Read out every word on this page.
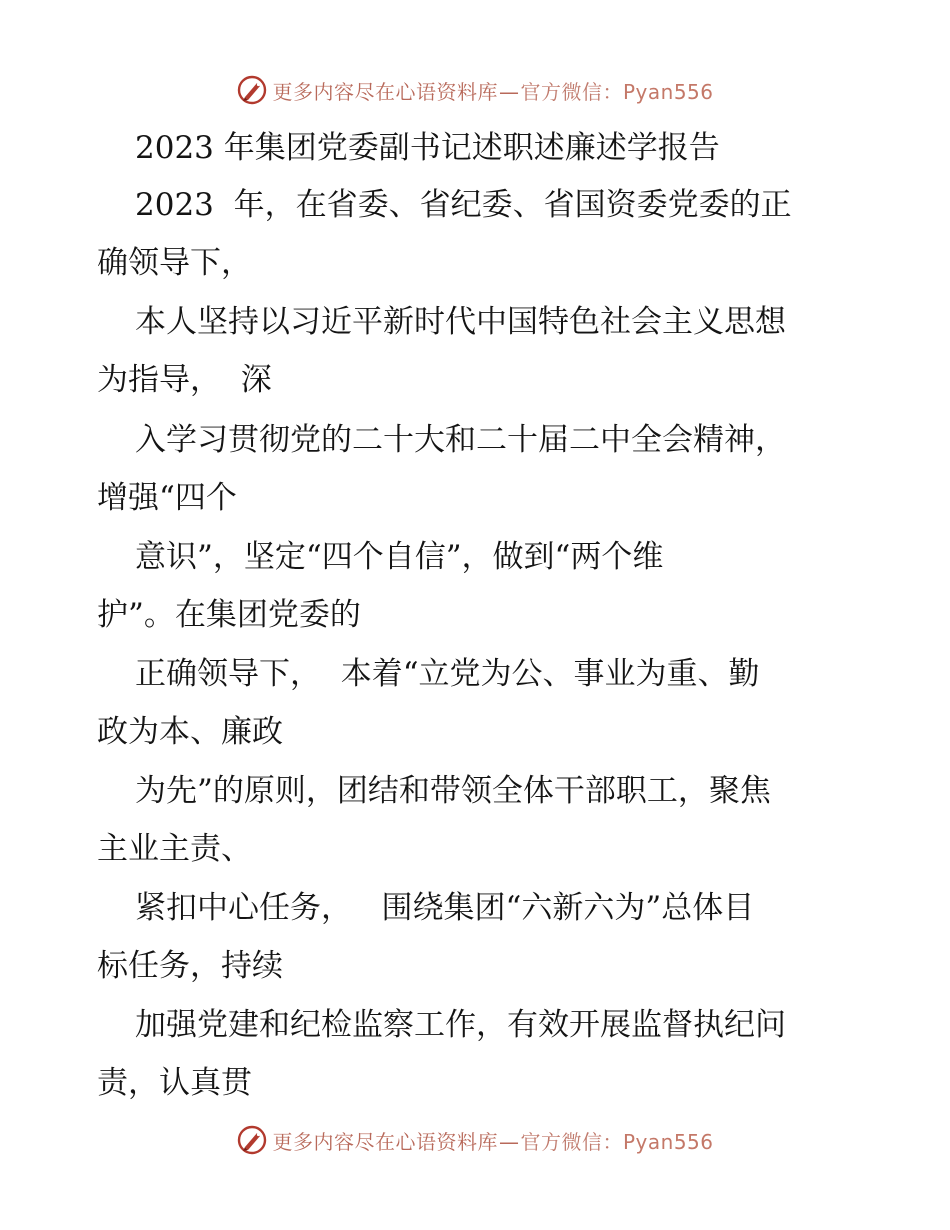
更多内容尽在心语资料库—官方微信：Pyan556
2023 年集团党委副书记述职述廉述学报告
2023  年，在省委、省纪委、省国资委党委的正
确领导下，
本人坚持以习近平新时代中国特色社会主义思想
为指导，  深
入学习贯彻党的二十大和二十届二中全会精神，
增强“四个
意识”，坚定“四个自信”，做到“两个维
护”。在集团党委的
正确领导下，  本着“立党为公、事业为重、勤
政为本、廉政
为先”的原则，团结和带领全体干部职工，聚焦
主业主责、
紧扣中心任务，   围绕集团“六新六为”总体目
标任务，持续
加强党建和纪检监察工作，有效开展监督执纪问
责，认真贯
更多内容尽在心语资料库—官方微信：Pyan556
